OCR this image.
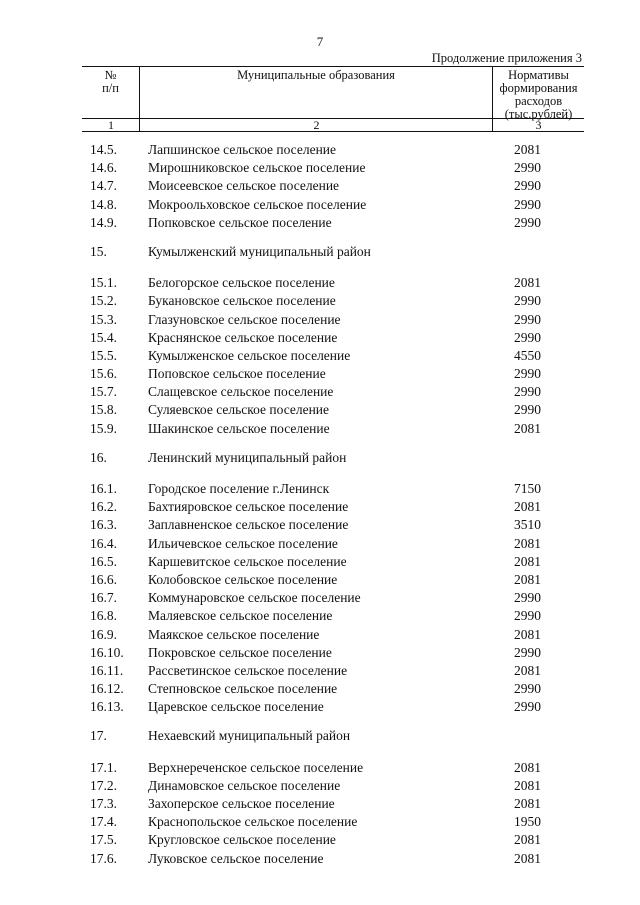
7
Продолжение приложения 3
№
п/п
Муниципальные образования	Нормативы
формирования
расходов
(тыс.рублей)
1	2	3
14.5. Лапшинское сельское поселение	2081
14.6. Мирошниковское сельское поселение	2990
14.7. Моисеевское сельское поселение	2990
14.8. Мокроольховское сельское поселение	2990
14.9. Попковское сельское поселение	2990
15.	Кумылженский муниципальный район
15.1. Белогорское сельское поселение	2081
15.2. Букановское сельское поселение	2990
15.3. Глазуновское сельское поселение	2990
15.4. Краснянское сельское поселение	2990
15.5. Кумылженское сельское поселение	4550
15.6. Поповское сельское поселение	2990
15.7. Слащевское сельское поселение	2990
15.8. Суляевское сельское поселение	2990
15.9. Шакинское сельское поселение	2081
16.	Ленинский муниципальный район
16.1. Городское поселение г.Ленинск	7150
16.2. Бахтияровское сельское поселение	2081
16.3. Заплавненское сельское поселение	3510
16.4. Ильичевское сельское поселение	2081
16.5. Каршевитское сельское поселение	2081
16.6. Колобовское сельское поселение	2081
16.7. Коммунаровское сельское поселение	2990
16.8. Маляевское сельское поселение	2990
16.9. Маякское сельское поселение	2081
16.10. Покровское сельское поселение	2990
16.11. Рассветинское сельское поселение	2081
16.12. Степновское сельское поселение	2990
16.13. Царевское сельское поселение	2990
17.	Нехаевский муниципальный район
17.1. Верхнереченское сельское поселение	2081
17.2. Динамовское сельское поселение	2081
17.3. Захоперское сельское поселение	2081
17.4. Краснопольское сельское поселение	1950
17.5. Кругловское сельское поселение	2081
17.6. Луковское сельское поселение	2081
